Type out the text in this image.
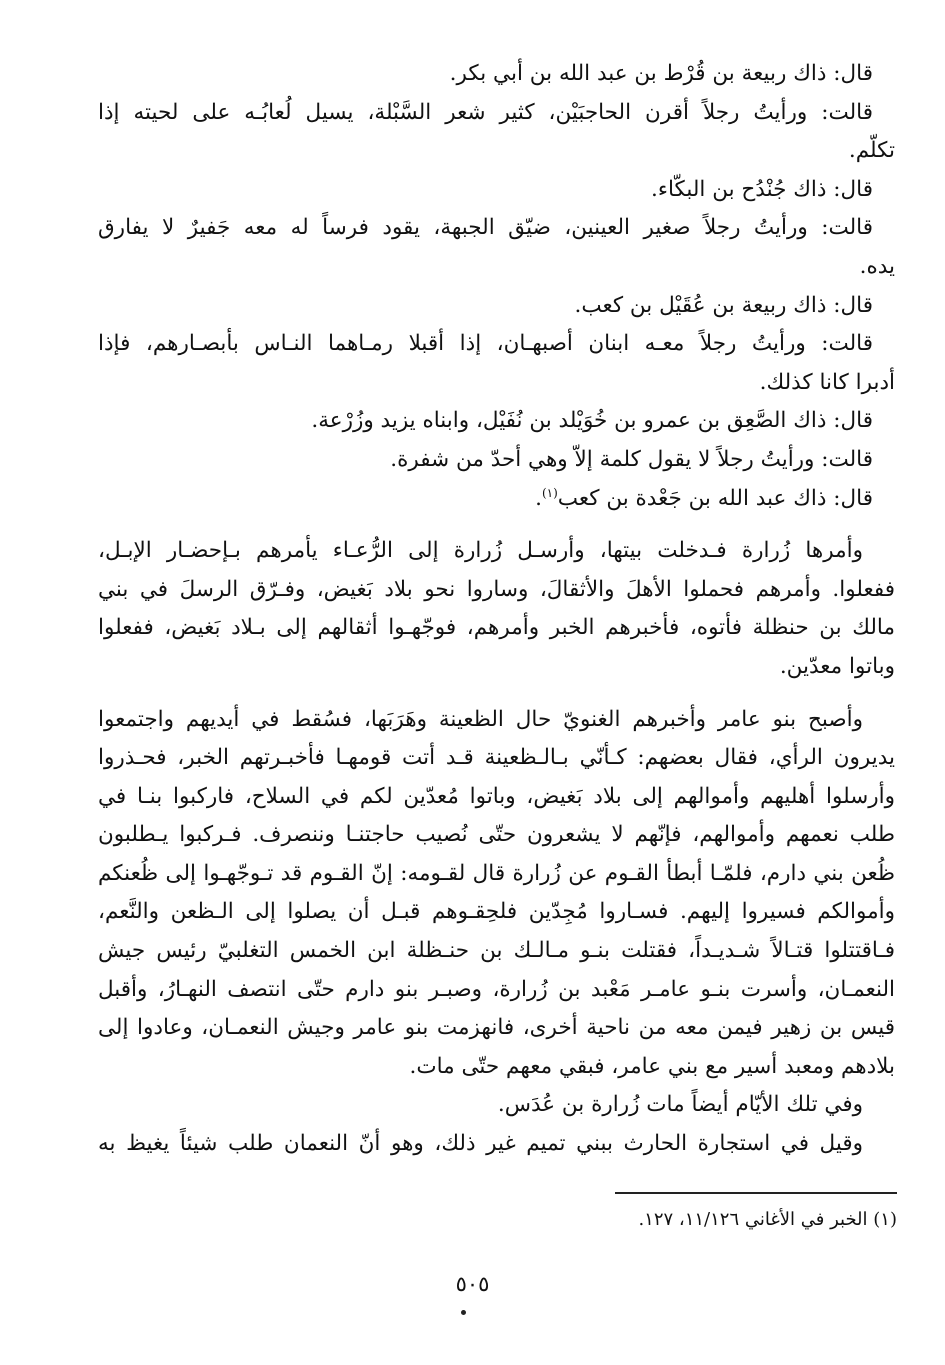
قال: ذاك ربيعة بن قُرْط بن عبد الله بن أبي بكر.
قالت: ورأيتُ رجلاً أقرن الحاجبَيْن، كثير شعر السَّبْلة، يسيل لُعابُـه على لحيته إذا
تكلّم.
قال: ذاك جُنْدُح بن البكّاء.
قالت: ورأيتُ رجلاً صغير العينين، ضيّق الجبهة، يقود فرساً له معه جَفيرٌ لا يفارق
يده.
قال: ذاك ربيعة بن عُقَيْل بن كعب.
قالت: ورأيتُ رجلاً معـه ابنان أصبهـان، إذا أقبلا رمـاهما النـاس بأبصـارهم، فإذا
أدبرا كانا كذلك.
قال: ذاك الصَّعِق بن عمرو بن خُوَيْلد بن نُفَيْل، وابناه يزيد وزُرْعة.
قالت: ورأيتُ رجلاً لا يقول كلمة إلاّ وهي أحدّ من شفرة.
قال: ذاك عبد الله بن جَعْدة بن كعب$^{(١)}$.
وأمرها زُرارة فـدخلت بيتها، وأرسـل زُرارة إلى الرُّعـاء يأمرهم بـإحضـار الإبـل،
ففعلوا. وأمرهم فحملوا الأهلَ والأثقالَ، وساروا نحو بلاد بَغيض، وفـرّق الرسلَ في بني
مالك بن حنظلة فأتوه، فأخبرهم الخبر وأمرهم، فوجّهـوا أثقالهم إلى بـلاد بَغيض، ففعلوا
وباتوا معدّين.
وأصبح بنو عامر وأخبرهم الغنويّ حال الظعينة وهَرَبَها، فسُقط في أيديهم واجتمعوا
يديرون الرأي، فقال بعضهم: كـأنّي بـالـظعينة قـد أتت قومهـا فأخبـرتهم الخبر، فحـذروا
وأرسلوا أهليهم وأموالهم إلى بلاد بَغيض، وباتوا مُعدّين لكم في السلاح، فاركبوا بنـا في
طلب نعمهم وأموالهم، فإنّهم لا يشعرون حتّى نُصيب حاجتنـا وننصرف. فـركبوا يـطلبون
ظُعن بني دارم، فلمّـا أبطأ القـوم عن زُرارة قال لقـومه: إنّ القـوم قد تـوجّهـوا إلى ظُعنكم
وأموالكم فسيروا إليهم. فسـاروا مُجِدّين فلحِقـوهم قبـل أن يصلوا إلى الـظعن والنَّعم،
فـاقتتلوا قتـالاً شـديـداً، فقتلت بنـو مـالـك بن حنـظلة ابن الخمس التغلبيّ رئيس جيش
النعمـان، وأسرت بنـو عامـر مَعْبد بن زُرارة، وصبـر بنو دارم حتّى انتصف النهـارُ، وأقبل
قيس بن زهير فيمن معه من ناحية أخرى، فانهزمت بنو عامر وجيش النعمـان، وعادوا إلى
بلادهم ومعبد أسير مع بني عامر، فبقي معهم حتّى مات.
وفي تلك الأيّام أيضاً مات زُرارة بن عُدَس.
وقيل في استجارة الحارث ببني تميم غير ذلك، وهو أنّ النعمان طلب شيئاً يغيظ به
(١) الخبر في الأغاني ١١/١٢٦، ١٢٧.
٥٠٥
